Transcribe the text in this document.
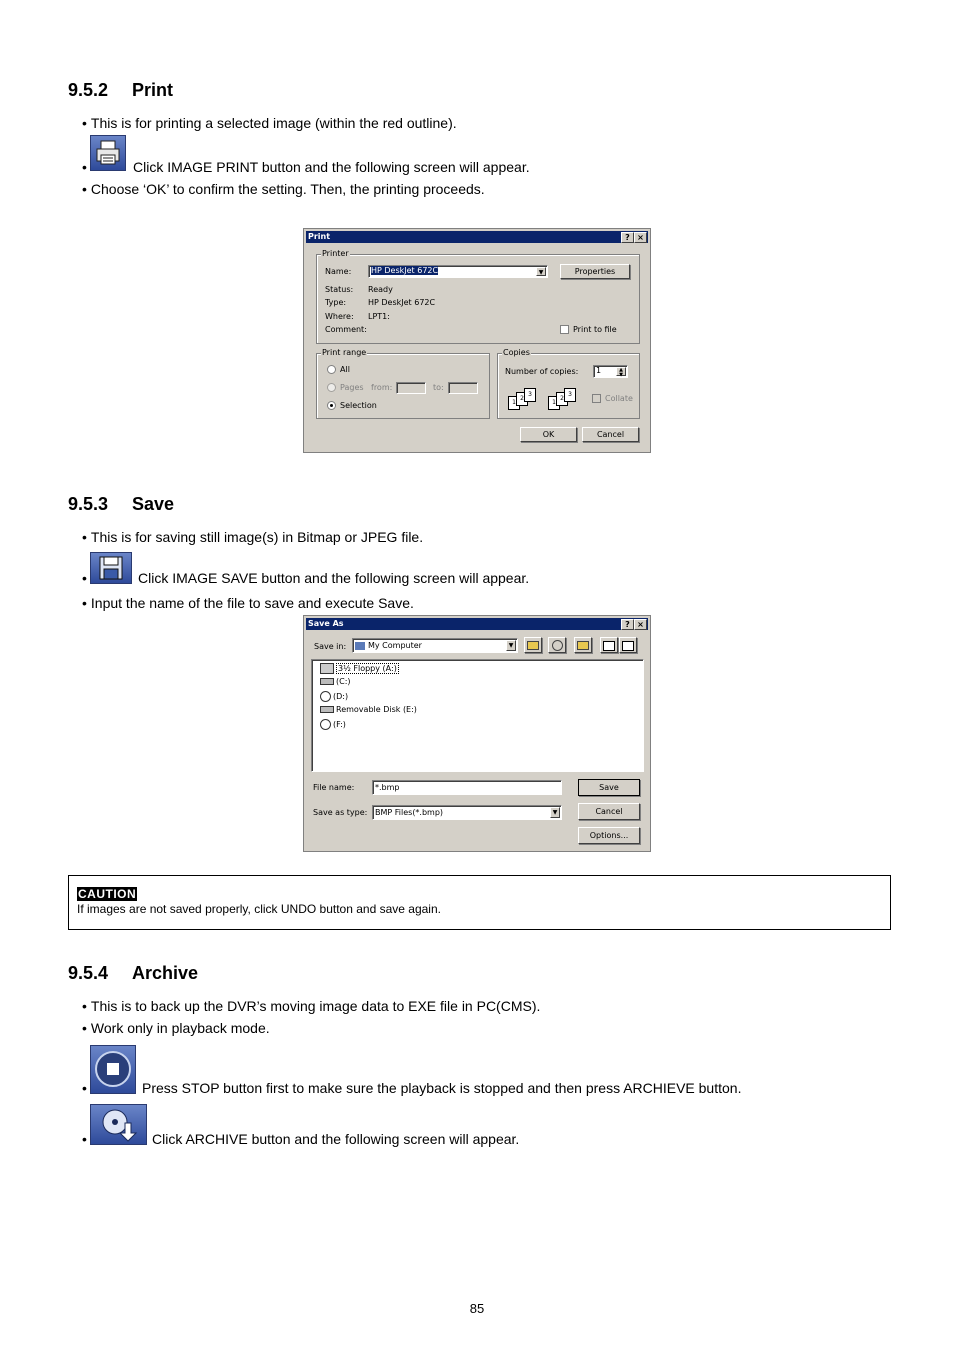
9.5.2 Print
• This is for printing a selected image (within the red outline).
•	Click IMAGE PRINT button and the following screen will appear.
• Choose ‘OK’ to confirm the setting. Then, the printing proceeds.
Print	? ×
Printer
Name:	HP DeskJet 672C	▼	Properties
Status: Ready
Type:	HP DeskJet 672C
Where: LPT1:
Comment:	Print to file
Print range
All
Pages from:	to:
Selection
Copies
Number of copies:	1	▲
▼
1
2
3
1
2
3	Collate
OK	Cancel
9.5.3 Save
• This is for saving still image(s) in Bitmap or JPEG file.
•	Click IMAGE SAVE button and the following screen will appear.
• Input the name of the file to save and execute Save.
Save As	? ×
Save in:	My Computer	▼
3½ Floppy (A:)
(C:)
(D:)
Removable Disk (E:)
(F:)
File name:	*.bmp
Save as type: BMP Files(*.bmp)	▼
Save
Cancel
Options...
CAUTION
If images are not saved properly, click UNDO button and save again.
9.5.4 Archive
• This is to back up the DVR’s moving image data to EXE file in PC(CMS).
• Work only in playback mode.
•	Press STOP button first to make sure the playback is stopped and then press ARCHIEVE button.
•	Click ARCHIVE button and the following screen will appear.
85
